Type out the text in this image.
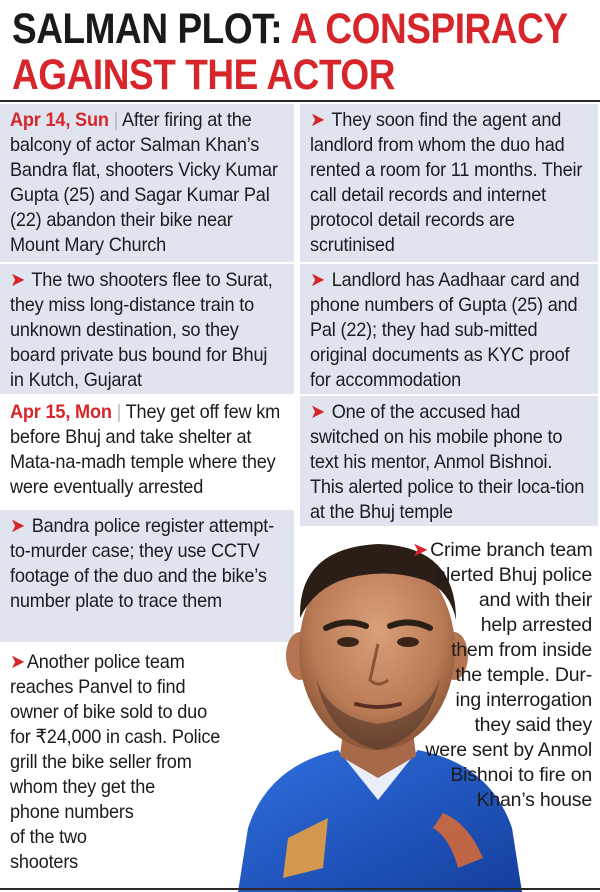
SALMAN PLOT: A CONSPIRACY
AGAINST THE ACTOR
Apr 14, Sun | After firing at the balcony of actor Salman Khan’s Bandra flat, shooters Vicky Kumar Gupta (25) and Sagar Kumar Pal (22) abandon their bike near Mount Mary Church
➤ The two shooters flee to Surat, they miss long-distance train to unknown destination, so they board private bus bound for Bhuj in Kutch, Gujarat
Apr 15, Mon | They get off few km before Bhuj and take shelter at Mata-na-madh temple where they were eventually arrested
➤ Bandra police register attempt-to-murder case; they use CCTV footage of the duo and the bike’s number plate to trace them
➤Another police team
reaches Panvel to find
owner of bike sold to duo
for ₹24,000 in cash. Police
grill the bike seller from
whom they get the
phone numbers
of the two
shooters
➤ They soon find the agent and landlord from whom the duo had rented a room for 11 months. Their call detail records and internet protocol detail records are scrutinised
➤ Landlord has Aadhaar card and phone numbers of Gupta (25) and Pal (22); they had sub-mitted original documents as KYC proof for accommodation
➤ One of the accused had switched on his mobile phone to text his mentor, Anmol Bishnoi. This alerted police to their loca-tion at the Bhuj temple
➤ Crime branch team
alerted Bhuj police
and with their
help arrested
them from inside
the temple. Dur-
ing interrogation
they said they
were sent by Anmol
Bishnoi to fire on
Khan’s house
